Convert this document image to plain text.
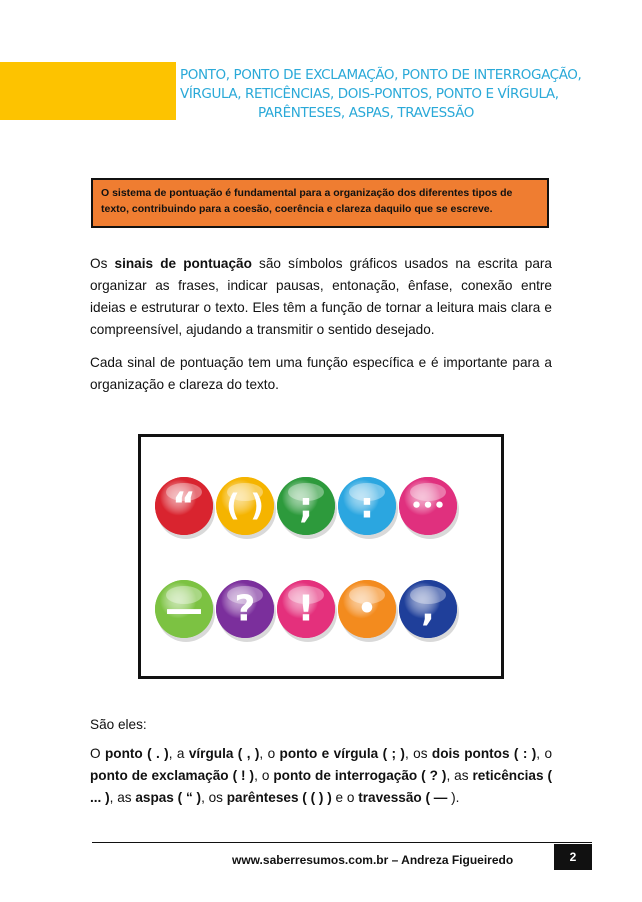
PONTO, PONTO DE EXCLAMAÇÃO, PONTO DE INTERROGAÇÃO,
VÍRGULA, RETICÊNCIAS, DOIS-PONTOS, PONTO E VÍRGULA,
PARÊNTESES, ASPAS, TRAVESSÃO
O sistema de pontuação é fundamental para a organização dos diferentes tipos de texto, contribuindo para a coesão, coerência e clareza daquilo que se escreve.
Os sinais de pontuação são símbolos gráficos usados na escrita para organizar as frases, indicar pausas, entonação, ênfase, conexão entre ideias e estruturar o texto. Eles têm a função de tornar a leitura mais clara e compreensível, ajudando a transmitir o sentido desejado.
Cada sinal de pontuação tem uma função específica e é importante para a organização e clareza do texto.
“ ( ) ; : •••
— ? ! • ,
São eles:
O ponto ( . ), a vírgula ( , ), o ponto e vírgula ( ; ), os dois pontos ( : ), o ponto de exclamação ( ! ), o ponto de interrogação ( ? ), as reticências ( ... ), as aspas ( “ ), os parênteses ( ( ) ) e o travessão ( — ).
www.saberresumos.com.br – Andreza Figueiredo	2
